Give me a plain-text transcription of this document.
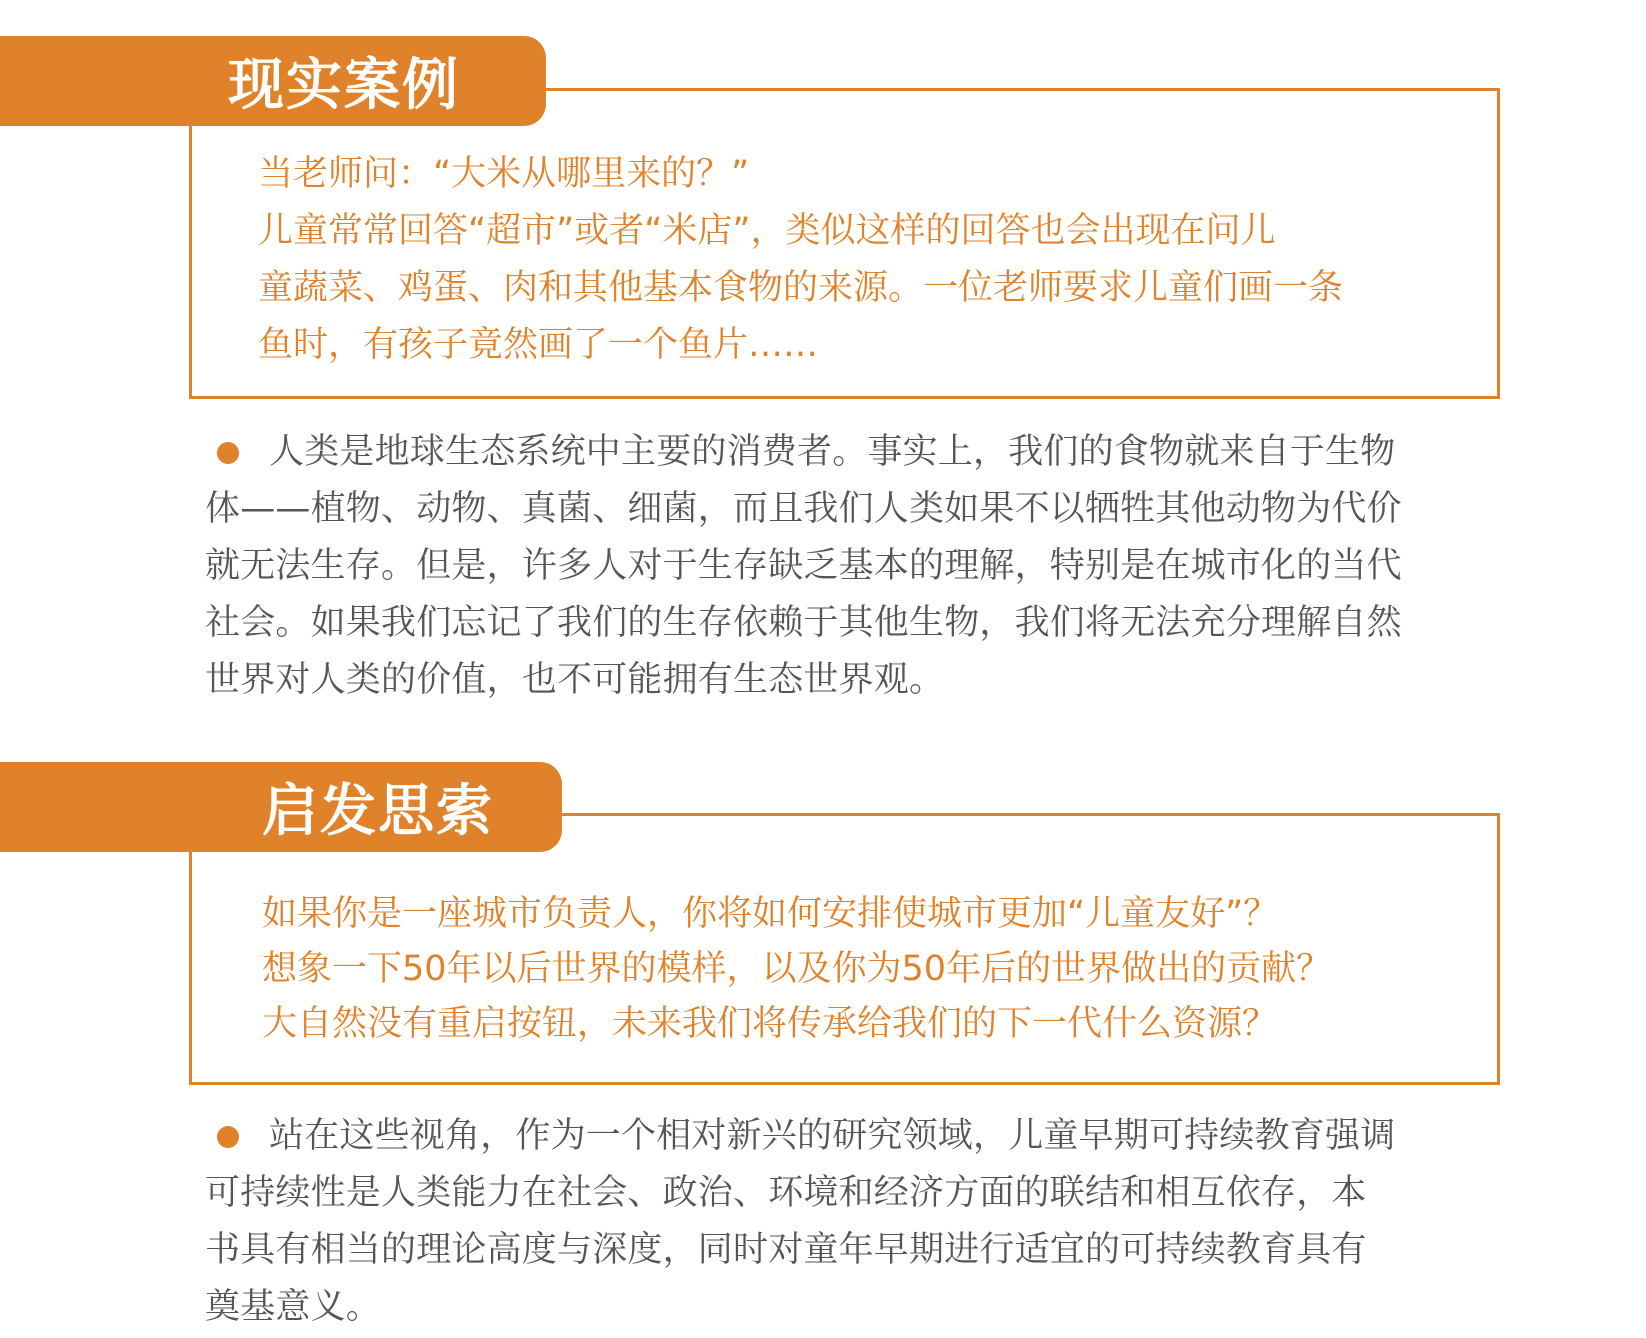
现实案例
当老师问：“大米从哪里来的？”
儿童常常回答“超市”或者“米店”，类似这样的回答也会出现在问儿
童蔬菜、鸡蛋、肉和其他基本食物的来源。一位老师要求儿童们画一条
鱼时，有孩子竟然画了一个鱼片……
人类是地球生态系统中主要的消费者。事实上，我们的食物就来自于生物
体——植物、动物、真菌、细菌，而且我们人类如果不以牺牲其他动物为代价
就无法生存。但是，许多人对于生存缺乏基本的理解，特别是在城市化的当代
社会。如果我们忘记了我们的生存依赖于其他生物，我们将无法充分理解自然
世界对人类的价值，也不可能拥有生态世界观。
启发思索
如果你是一座城市负责人，你将如何安排使城市更加“儿童友好”？
想象一下50年以后世界的模样，以及你为50年后的世界做出的贡献？
大自然没有重启按钮，未来我们将传承给我们的下一代什么资源？
站在这些视角，作为一个相对新兴的研究领域，儿童早期可持续教育强调
可持续性是人类能力在社会、政治、环境和经济方面的联结和相互依存，本
书具有相当的理论高度与深度，同时对童年早期进行适宜的可持续教育具有
奠基意义。
